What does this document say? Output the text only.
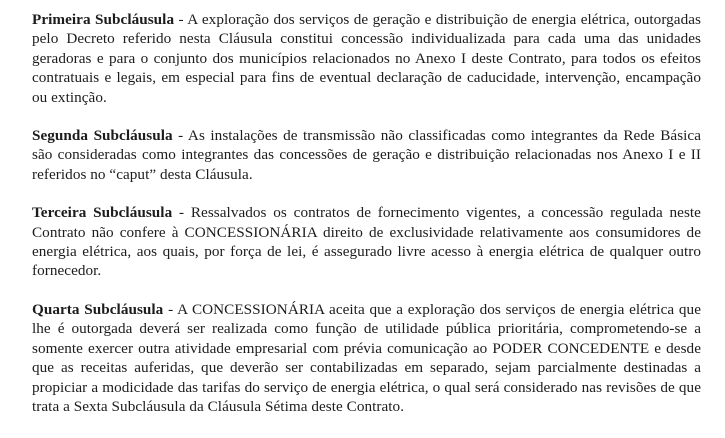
Primeira Subcláusula - A exploração dos serviços de geração e distribuição de energia elétrica, outorgadas pelo Decreto referido nesta Cláusula constitui concessão individualizada para cada uma das unidades geradoras e para o conjunto dos municípios relacionados no Anexo I deste Contrato, para todos os efeitos contratuais e legais, em especial para fins de eventual declaração de caducidade, intervenção, encampação ou extinção.

Segunda Subcláusula - As instalações de transmissão não classificadas como integrantes da Rede Básica são consideradas como integrantes das concessões de geração e distribuição relacionadas nos Anexo I e II referidos no “caput” desta Cláusula.

Terceira Subcláusula - Ressalvados os contratos de fornecimento vigentes, a concessão regulada neste Contrato não confere à CONCESSIONÁRIA direito de exclusividade relativamente aos consumidores de energia elétrica, aos quais, por força de lei, é assegurado livre acesso à energia elétrica de qualquer outro fornecedor.

Quarta Subcláusula - A CONCESSIONÁRIA aceita que a exploração dos serviços de energia elétrica que lhe é outorgada deverá ser realizada como função de utilidade pública prioritária, comprometendo-se a somente exercer outra atividade empresarial com prévia comunicação ao PODER CONCEDENTE e desde que as receitas auferidas, que deverão ser contabilizadas em separado, sejam parcialmente destinadas a propiciar a modicidade das tarifas do serviço de energia elétrica, o qual será considerado nas revisões de que trata a Sexta Subcláusula da Cláusula Sétima deste Contrato.
